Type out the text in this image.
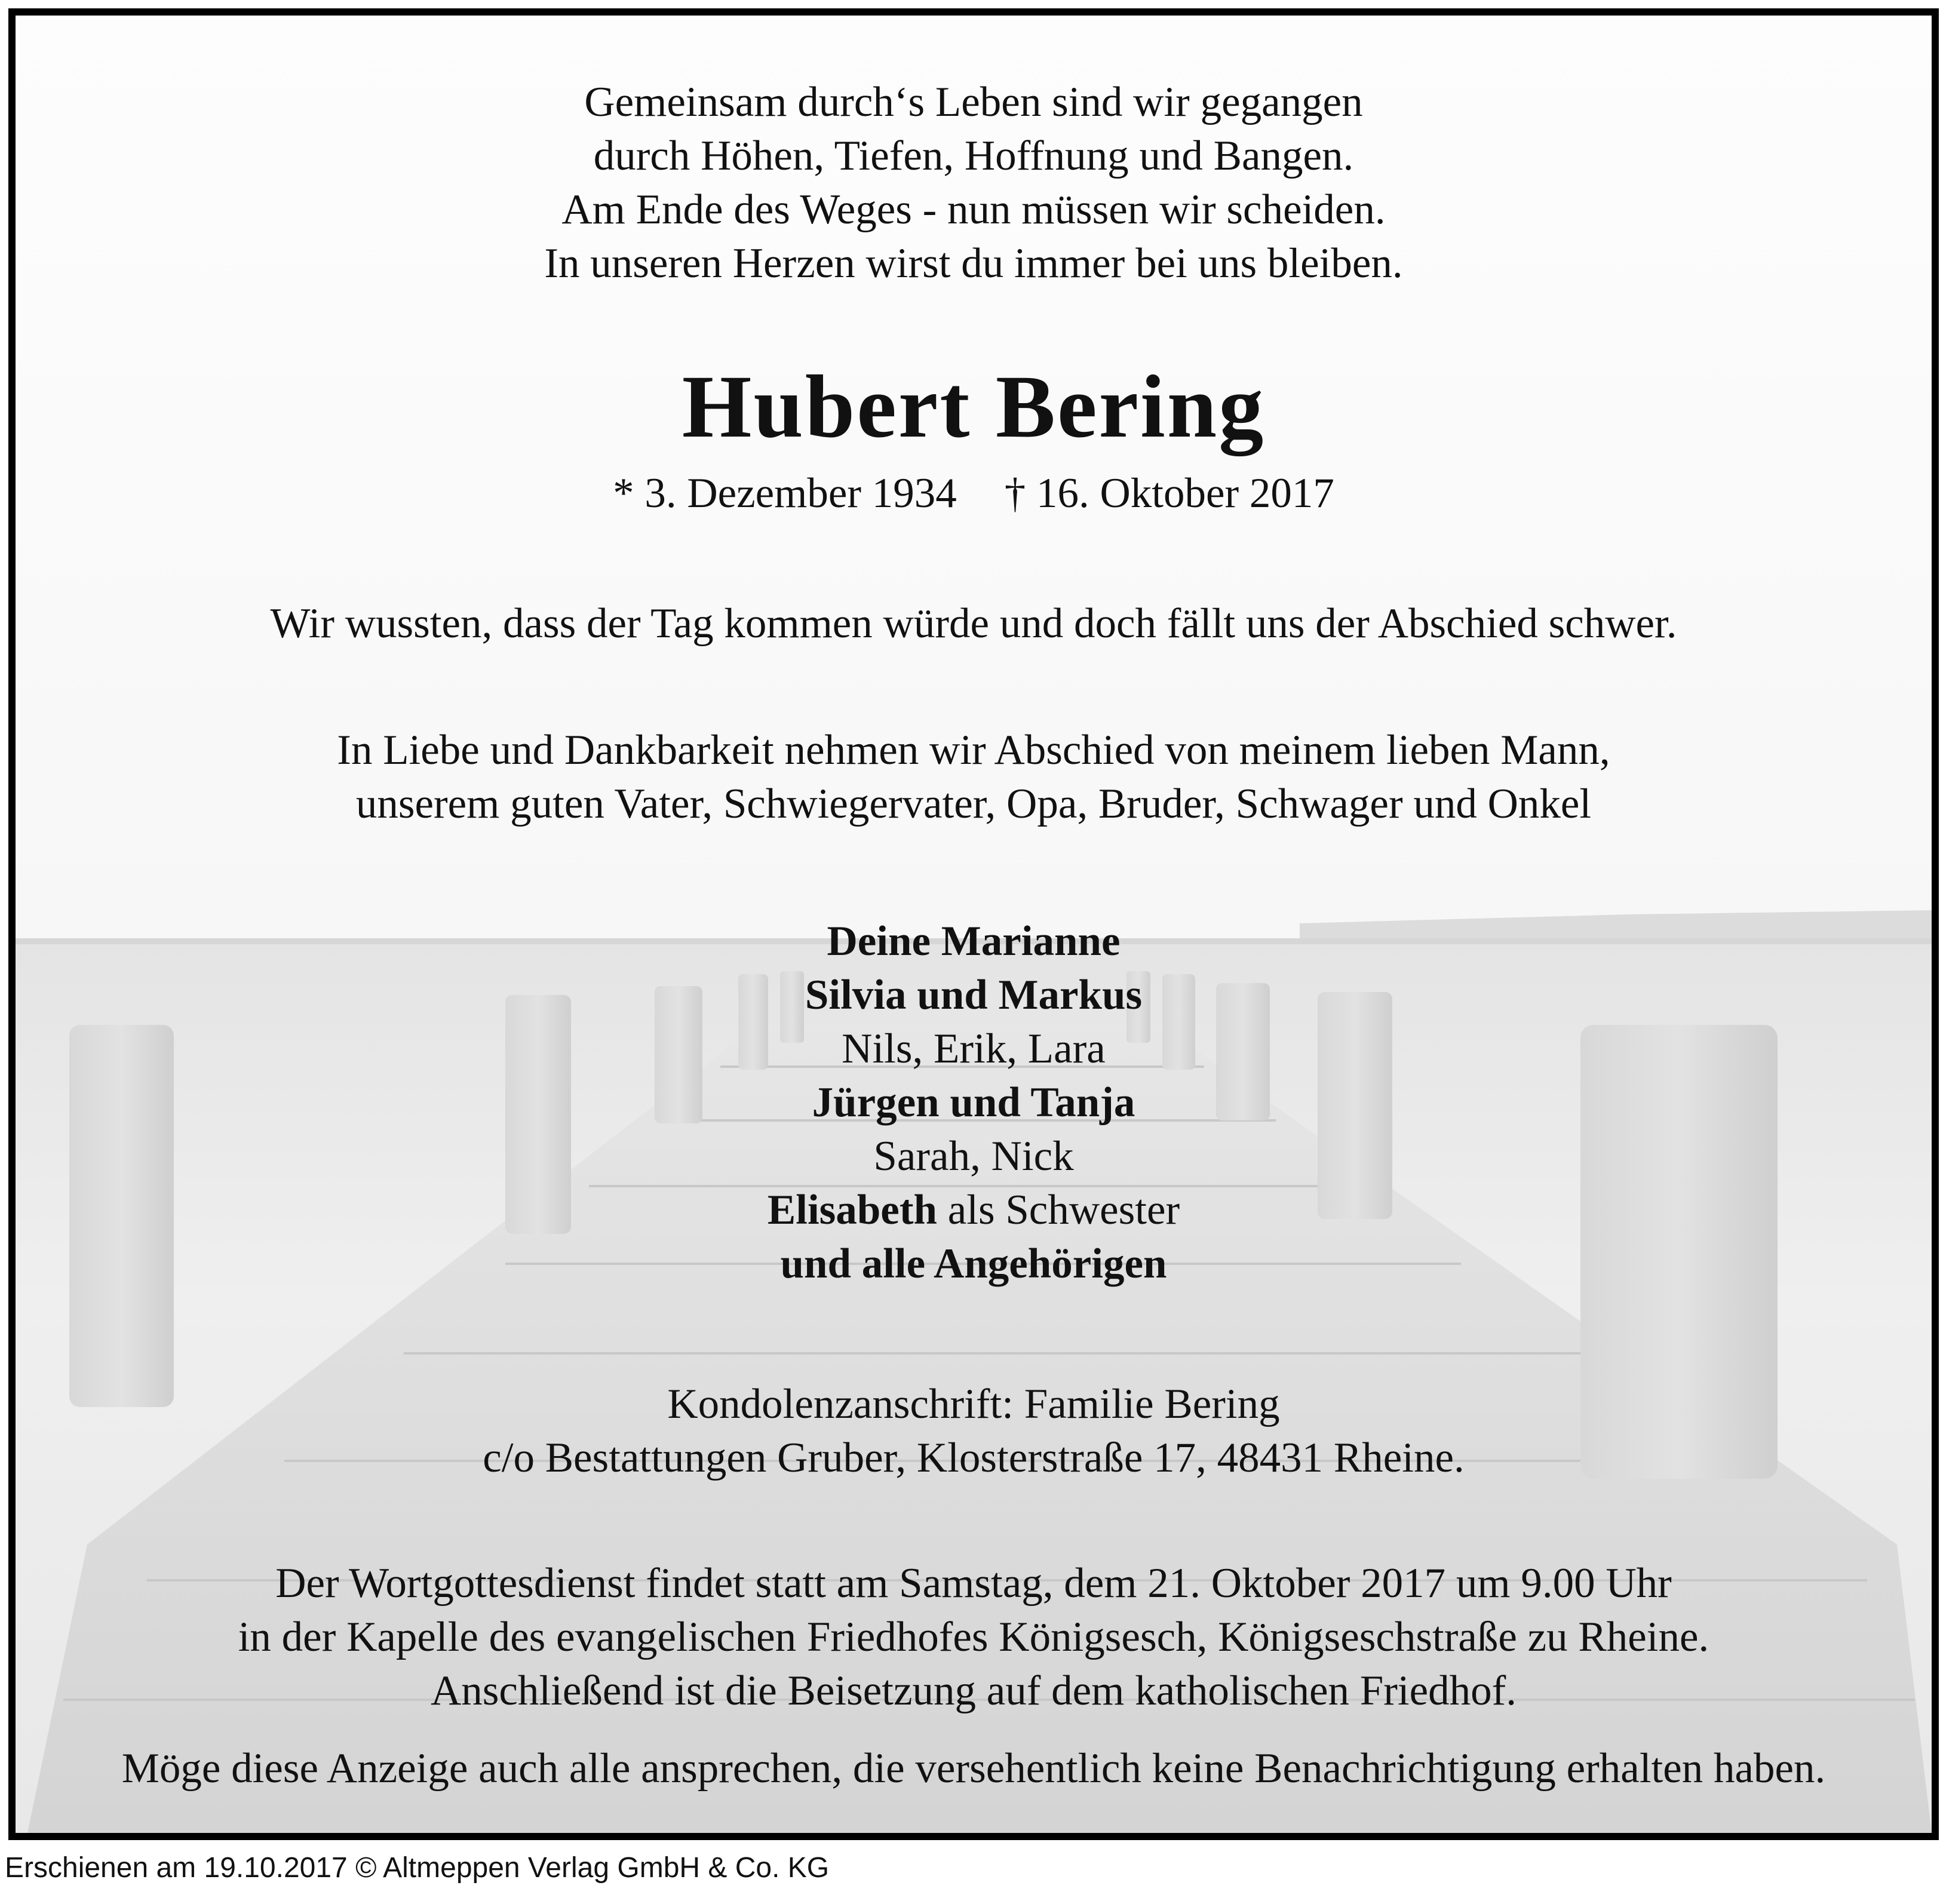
Gemeinsam durch‘s Leben sind wir gegangen
durch Höhen, Tiefen, Hoffnung und Bangen.
Am Ende des Weges - nun müssen wir scheiden.
In unseren Herzen wirst du immer bei uns bleiben.
Hubert Bering
* 3. Dezember 1934 † 16. Oktober 2017
Wir wussten, dass der Tag kommen würde und doch fällt uns der Abschied schwer.
In Liebe und Dankbarkeit nehmen wir Abschied von meinem lieben Mann,
unserem guten Vater, Schwiegervater, Opa, Bruder, Schwager und Onkel
Deine Marianne
Silvia und Markus
Nils, Erik, Lara
Jürgen und Tanja
Sarah, Nick
Elisabeth als Schwester
und alle Angehörigen
Kondolenzanschrift: Familie Bering
c/o Bestattungen Gruber, Klosterstraße 17, 48431 Rheine.
Der Wortgottesdienst findet statt am Samstag, dem 21. Oktober 2017 um 9.00 Uhr
in der Kapelle des evangelischen Friedhofes Königsesch, Königseschstraße zu Rheine.
Anschließend ist die Beisetzung auf dem katholischen Friedhof.
Möge diese Anzeige auch alle ansprechen, die versehentlich keine Benachrichtigung erhalten haben.
Erschienen am 19.10.2017 © Altmeppen Verlag GmbH & Co. KG
